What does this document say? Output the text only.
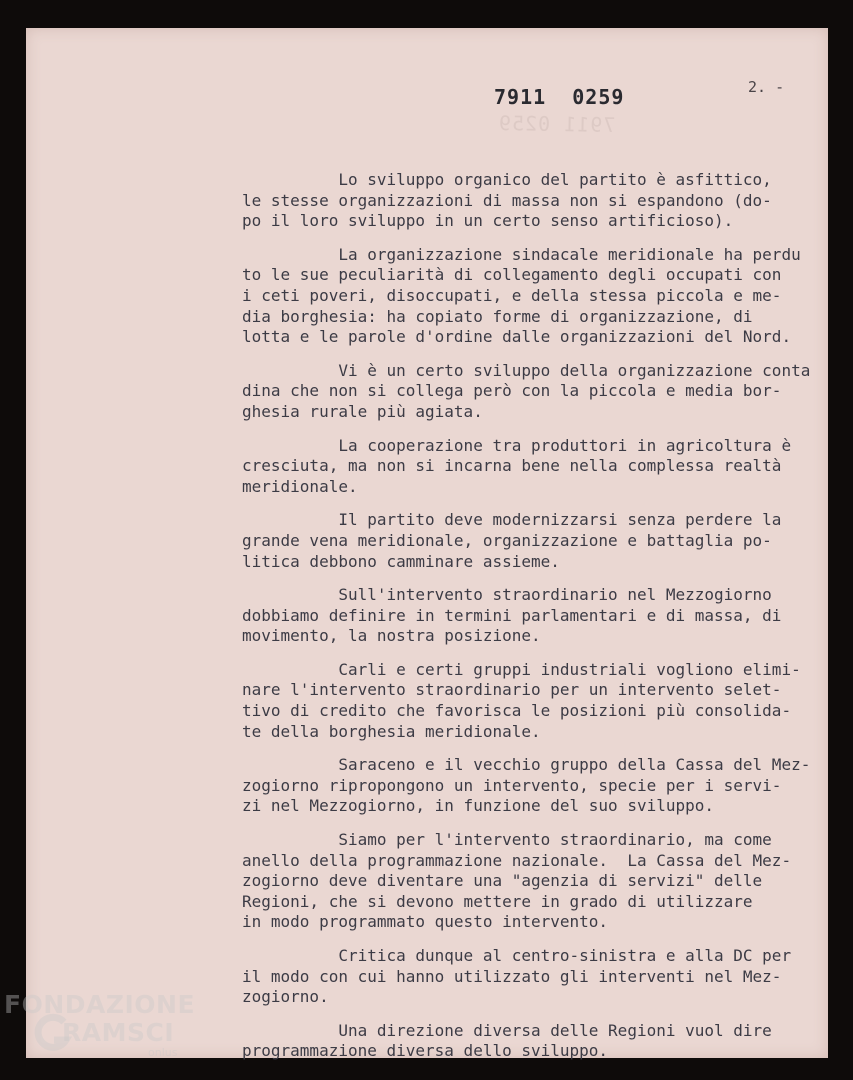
7911 0259
7911  0259	2. -
Lo sviluppo organico del partito è asfittico,
le stesse organizzazioni di massa non si espandono (do-
po il loro sviluppo in un certo senso artificioso).
La organizzazione sindacale meridionale ha perdu
to le sue peculiarità di collegamento degli occupati con
i ceti poveri, disoccupati, e della stessa piccola e me-
dia borghesia: ha copiato forme di organizzazione, di
lotta e le parole d'ordine dalle organizzazioni del Nord.
Vi è un certo sviluppo della organizzazione conta
dina che non si collega però con la piccola e media bor-
ghesia rurale più agiata.
La cooperazione tra produttori in agricoltura è
cresciuta, ma non si incarna bene nella complessa realtà
meridionale.
Il partito deve modernizzarsi senza perdere la
grande vena meridionale, organizzazione e battaglia po-
litica debbono camminare assieme.
Sull'intervento straordinario nel Mezzogiorno
dobbiamo definire in termini parlamentari e di massa, di
movimento, la nostra posizione.
Carli e certi gruppi industriali vogliono elimi-
nare l'intervento straordinario per un intervento selet-
tivo di credito che favorisca le posizioni più consolida-
te della borghesia meridionale.
Saraceno e il vecchio gruppo della Cassa del Mez-
zogiorno ripropongono un intervento, specie per i servi-
zi nel Mezzogiorno, in funzione del suo sviluppo.
Siamo per l'intervento straordinario, ma come
anello della programmazione nazionale.  La Cassa del Mez-
zogiorno deve diventare una "agenzia di servizi" delle
Regioni, che si devono mettere in grado di utilizzare
in modo programmato questo intervento.
Critica dunque al centro-sinistra e alla DC per
il modo con cui hanno utilizzato gli interventi nel Mez-
zogiorno.
Una direzione diversa delle Regioni vuol dire
programmazione diversa dello sviluppo.
FONDAZIONE
RAMSCI
onlus
